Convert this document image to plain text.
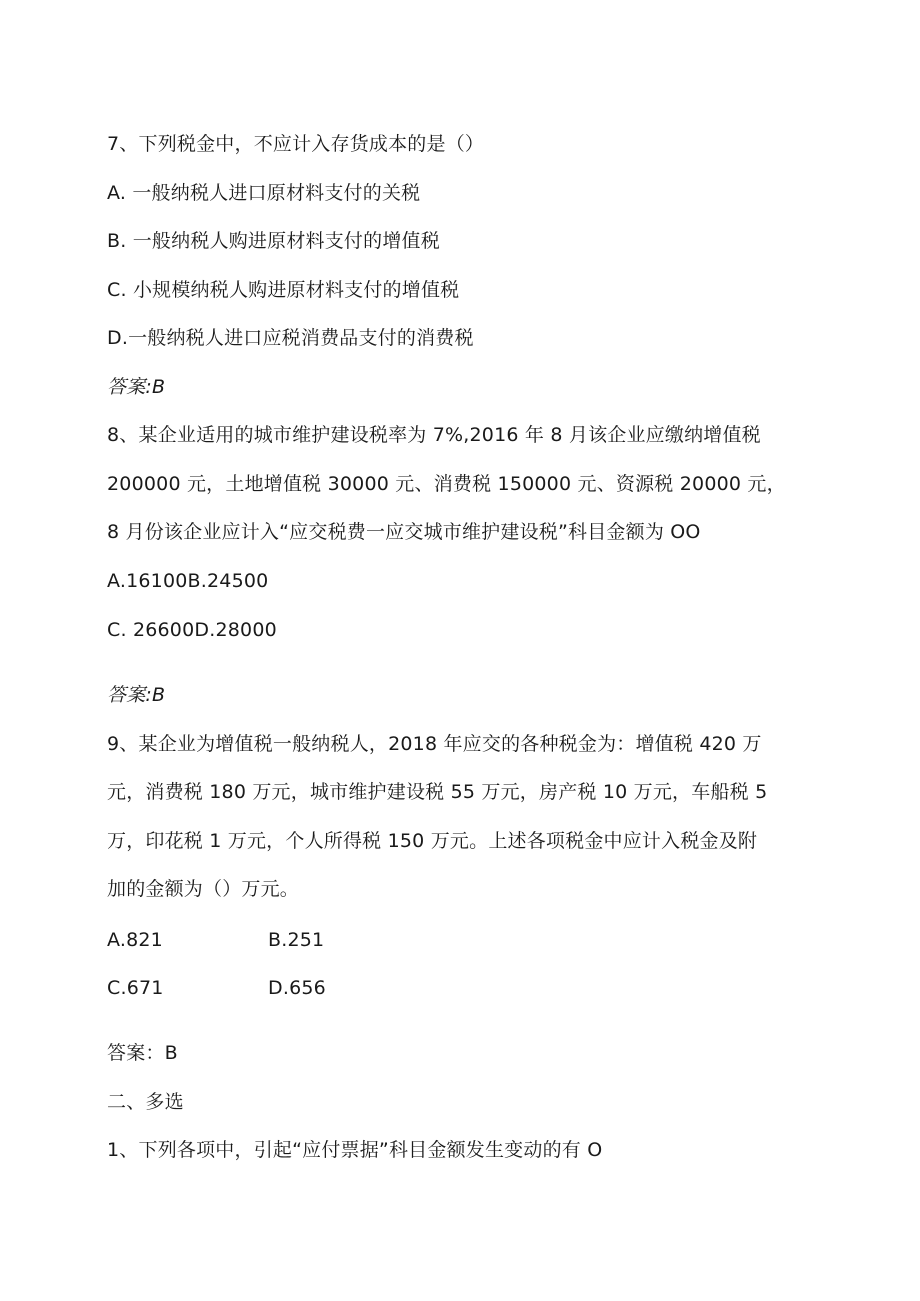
7、下列税金中，不应计入存货成本的是（）
A. 一般纳税人进口原材料支付的关税
B. 一般纳税人购进原材料支付的增值税
C. 小规模纳税人购进原材料支付的增值税
D.一般纳税人进口应税消费品支付的消费税
答案:B
8、某企业适用的城市维护建设税率为 7%,2016 年 8 月该企业应缴纳增值税
200000 元，土地增值税 30000 元、消费税 150000 元、资源税 20000 元，
8 月份该企业应计入“应交税费一应交城市维护建设税”科目金额为 OO
A.16100B.24500
C. 26600D.28000
答案:B
9、某企业为增值税一般纳税人，2018 年应交的各种税金为：增值税 420 万
元，消费税 180 万元，城市维护建设税 55 万元，房产税 10 万元，车船税 5
万，印花税 1 万元，个人所得税 150 万元。上述各项税金中应计入税金及附
加的金额为（）万元。
A.821	B.251
C.671	D.656
答案：B
二、多选
1、下列各项中，引起“应付票据”科目金额发生变动的有 O
